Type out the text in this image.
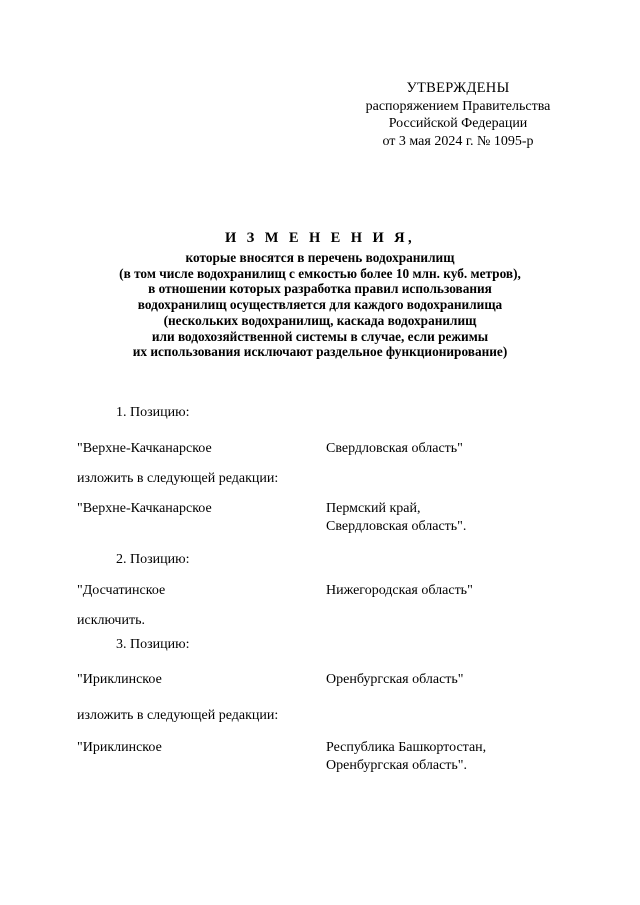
УТВЕРЖДЕНЫ
распоряжением Правительства
Российской Федерации
от 3 мая 2024 г. № 1095-р
И З М Е Н Е Н И Я,
которые вносятся в перечень водохранилищ
(в том числе водохранилищ с емкостью более 10 млн. куб. метров),
в отношении которых разработка правил использования
водохранилищ осуществляется для каждого водохранилища
(нескольких водохранилищ, каскада водохранилищ
или водохозяйственной системы в случае, если режимы
их использования исключают раздельное функционирование)
1. Позицию:
"Верхне-Качканарское	Свердловская область"
изложить в следующей редакции:
"Верхне-Качканарское	Пермский край,
Свердловская область".
2. Позицию:
"Досчатинское	Нижегородская область"
исключить.
3. Позицию:
"Ириклинское	Оренбургская область"
изложить в следующей редакции:
"Ириклинское	Республика Башкортостан,
Оренбургская область".
